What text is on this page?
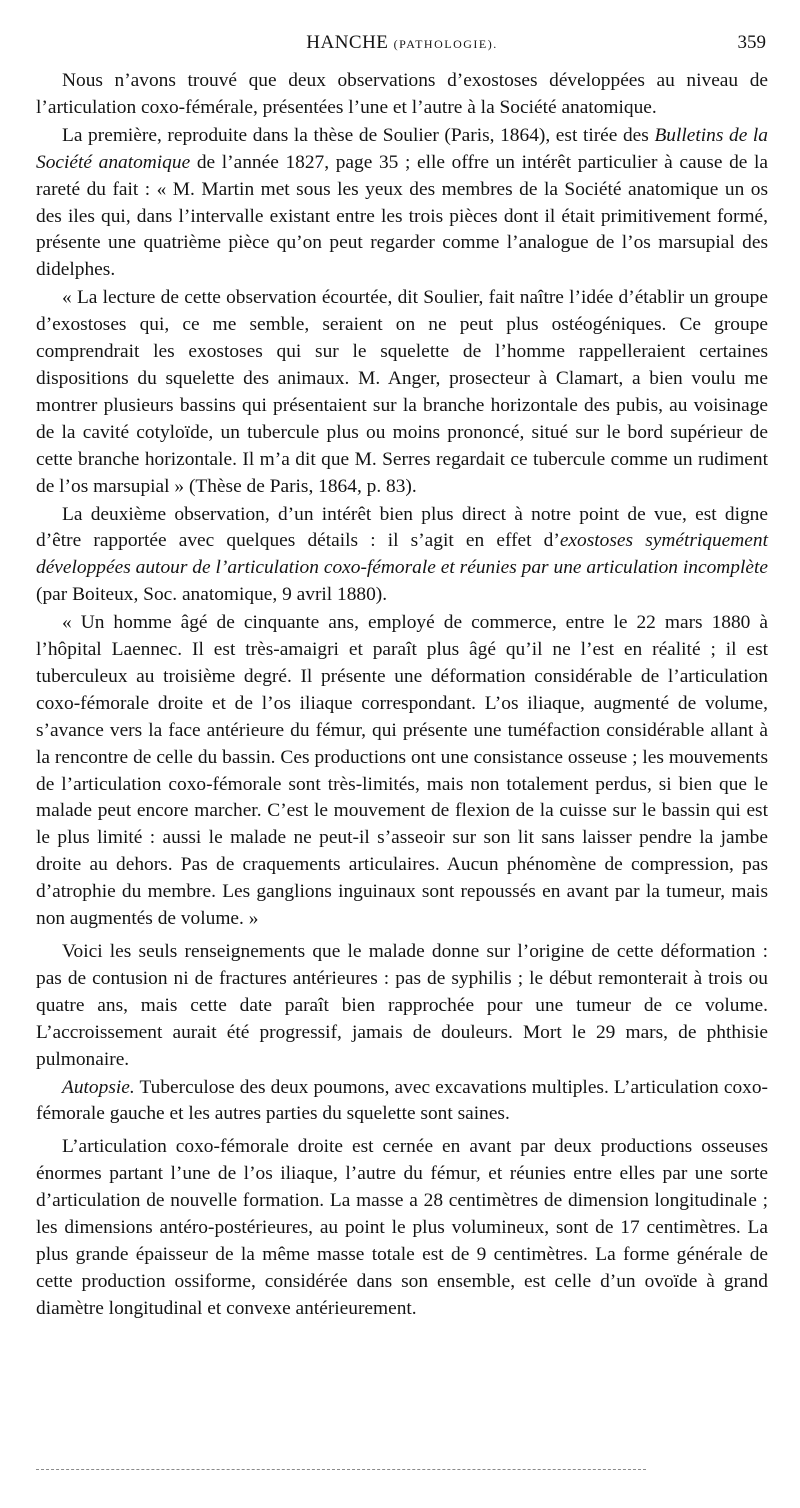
HANCHE (PATHOLOGIE).	359

Nous n’avons trouvé que deux observations d’exostoses développées au niveau de l’articulation coxo-fémérale, présentées l’une et l’autre à la Société anatomique.

La première, reproduite dans la thèse de Soulier (Paris, 1864), est tirée des Bulletins de la Société anatomique de l’année 1827, page 35 ; elle offre un intérêt particulier à cause de la rareté du fait : « M. Martin met sous les yeux des membres de la Société anatomique un os des iles qui, dans l’intervalle existant entre les trois pièces dont il était primitivement formé, présente une quatrième pièce qu’on peut regarder comme l’analogue de l’os marsupial des didelphes.

« La lecture de cette observation écourtée, dit Soulier, fait naître l’idée d’établir un groupe d’exostoses qui, ce me semble, seraient on ne peut plus ostéogéniques. Ce groupe comprendrait les exostoses qui sur le squelette de l’homme rappelleraient certaines dispositions du squelette des animaux. M. Anger, prosecteur à Clamart, a bien voulu me montrer plusieurs bassins qui présentaient sur la branche horizontale des pubis, au voisinage de la cavité cotyloïde, un tubercule plus ou moins prononcé, situé sur le bord supérieur de cette branche horizontale. Il m’a dit que M. Serres regardait ce tubercule comme un rudiment de l’os marsupial » (Thèse de Paris, 1864, p. 83).

La deuxième observation, d’un intérêt bien plus direct à notre point de vue, est digne d’être rapportée avec quelques détails : il s’agit en effet d’exostoses symétriquement développées autour de l’articulation coxo-fémorale et réunies par une articulation incomplète (par Boiteux, Soc. anatomique, 9 avril 1880).

« Un homme âgé de cinquante ans, employé de commerce, entre le 22 mars 1880 à l’hôpital Laennec. Il est très-amaigri et paraît plus âgé qu’il ne l’est en réalité ; il est tuberculeux au troisième degré. Il présente une déformation considérable de l’articulation coxo-fémorale droite et de l’os iliaque correspondant. L’os iliaque, augmenté de volume, s’avance vers la face antérieure du fémur, qui présente une tuméfaction considérable allant à la rencontre de celle du bassin. Ces productions ont une consistance osseuse ; les mouvements de l’articulation coxo-fémorale sont très-limités, mais non totalement perdus, si bien que le malade peut encore marcher. C’est le mouvement de flexion de la cuisse sur le bassin qui est le plus limité : aussi le malade ne peut-il s’asseoir sur son lit sans laisser pendre la jambe droite au dehors. Pas de craquements articulaires. Aucun phénomène de compression, pas d’atrophie du membre. Les ganglions inguinaux sont repoussés en avant par la tumeur, mais non augmentés de volume. »

Voici les seuls renseignements que le malade donne sur l’origine de cette déformation : pas de contusion ni de fractures antérieures : pas de syphilis ; le début remonterait à trois ou quatre ans, mais cette date paraît bien rapprochée pour une tumeur de ce volume. L’accroissement aurait été progressif, jamais de douleurs. Mort le 29 mars, de phthisie pulmonaire.

Autopsie. Tuberculose des deux poumons, avec excavations multiples. L’articulation coxo-fémorale gauche et les autres parties du squelette sont saines.

L’articulation coxo-fémorale droite est cernée en avant par deux productions osseuses énormes partant l’une de l’os iliaque, l’autre du fémur, et réunies entre elles par une sorte d’articulation de nouvelle formation. La masse a 28 centimètres de dimension longitudinale ; les dimensions antéro-postérieures, au point le plus volumineux, sont de 17 centimètres. La plus grande épaisseur de la même masse totale est de 9 centimètres. La forme générale de cette production ossiforme, considérée dans son ensemble, est celle d’un ovoïde à grand diamètre longitudinal et convexe antérieurement.
